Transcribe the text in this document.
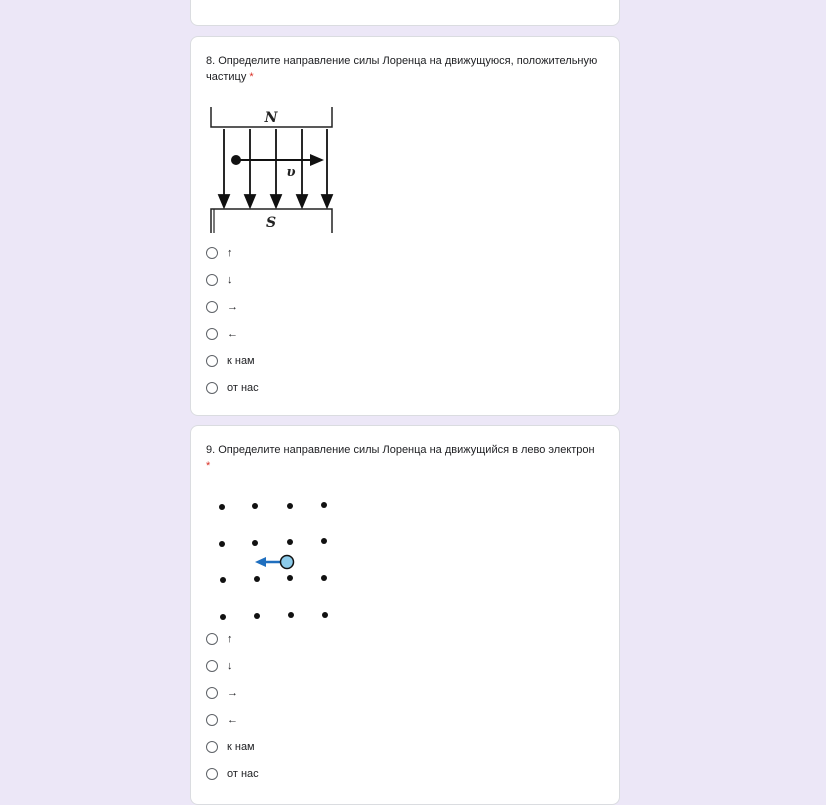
8. Определите направление силы Лоренца на движущуюся, положительную частицу *
N
υ
S
↑
↓
→
←
к нам
от нас
9. Определите направление силы Лоренца на движущийся в лево электрон
*
↑
↓
→
←
к нам
от нас
